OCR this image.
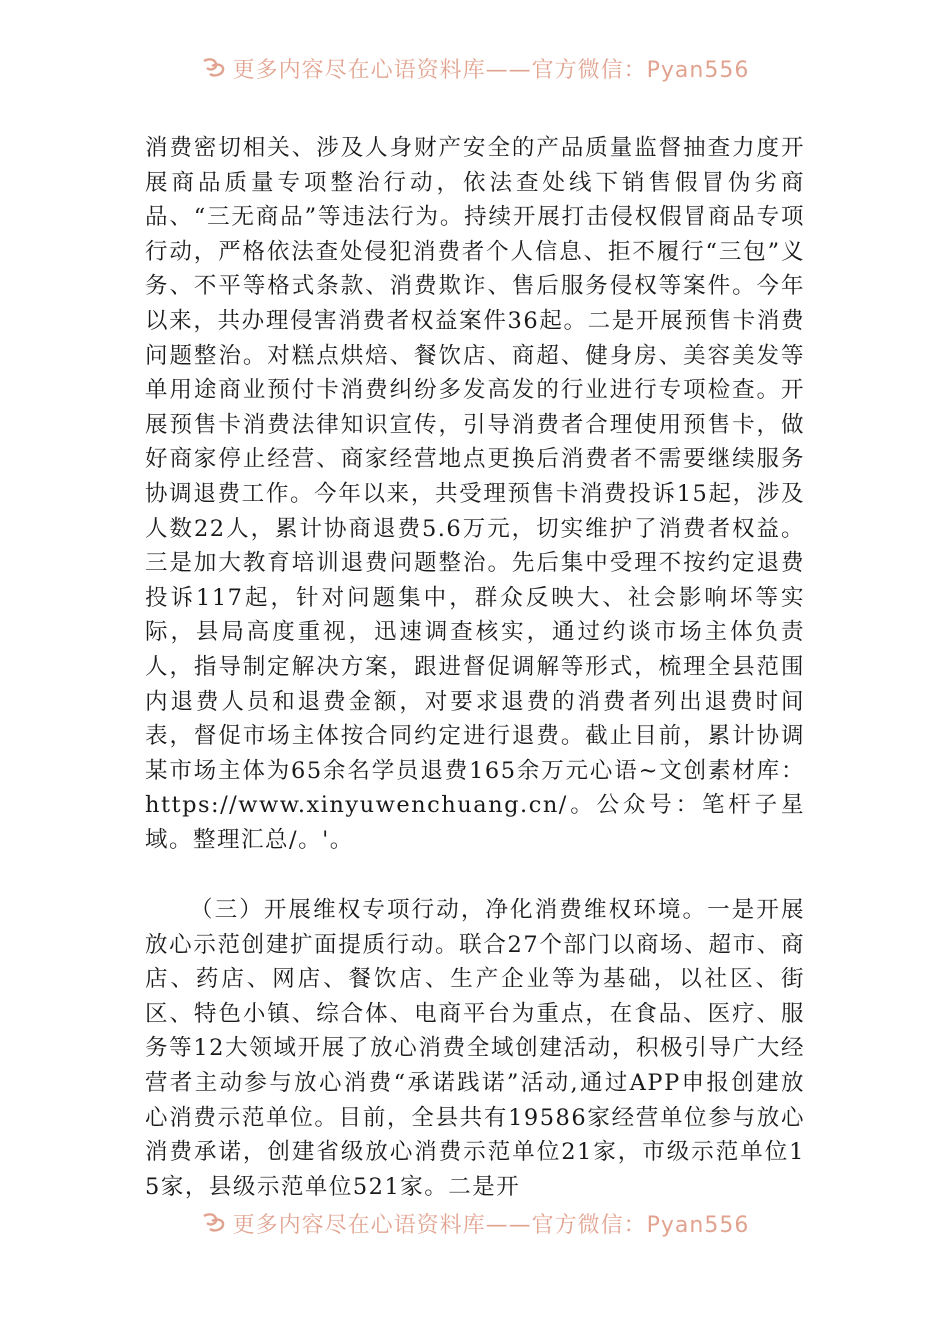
更多内容尽在心语资料库——官方微信：Pyan556
消费密切相关、涉及人身财产安全的产品质量监督抽查力度开展商品质量专项整治行动，依法查处线下销售假冒伪劣商品、“三无商品”等违法行为。持续开展打击侵权假冒商品专项行动，严格依法查处侵犯消费者个人信息、拒不履行“三包”义务、不平等格式条款、消费欺诈、售后服务侵权等案件。今年以来，共办理侵害消费者权益案件36起。二是开展预售卡消费问题整治。对糕点烘焙、餐饮店、商超、健身房、美容美发等单用途商业预付卡消费纠纷多发高发的行业进行专项检查。开展预售卡消费法律知识宣传，引导消费者合理使用预售卡，做好商家停止经营、商家经营地点更换后消费者不需要继续服务协调退费工作。今年以来，共受理预售卡消费投诉15起，涉及人数22人，累计协商退费5.6万元，切实维护了消费者权益。三是加大教育培训退费问题整治。先后集中受理不按约定退费投诉117起，针对问题集中，群众反映大、社会影响坏等实际，县局高度重视，迅速调查核实，通过约谈市场主体负责人，指导制定解决方案，跟进督促调解等形式，梳理全县范围内退费人员和退费金额，对要求退费的消费者列出退费时间表，督促市场主体按合同约定进行退费。截止目前，累计协调某市场主体为65余名学员退费165余万元心语~文创素材库：https://www.xinyuwenchuang.cn/。公众号：笔杆子星域。整理汇总/。'。
（三）开展维权专项行动，净化消费维权环境。一是开展放心示范创建扩面提质行动。联合27个部门以商场、超市、商店、药店、网店、餐饮店、生产企业等为基础，以社区、街区、特色小镇、综合体、电商平台为重点，在食品、医疗、服务等12大领域开展了放心消费全域创建活动，积极引导广大经营者主动参与放心消费“承诺践诺”活动,通过APP申报创建放心消费示范单位。目前，全县共有19586家经营单位参与放心消费承诺，创建省级放心消费示范单位21家，市级示范单位15家，县级示范单位521家。二是开
更多内容尽在心语资料库——官方微信：Pyan556
